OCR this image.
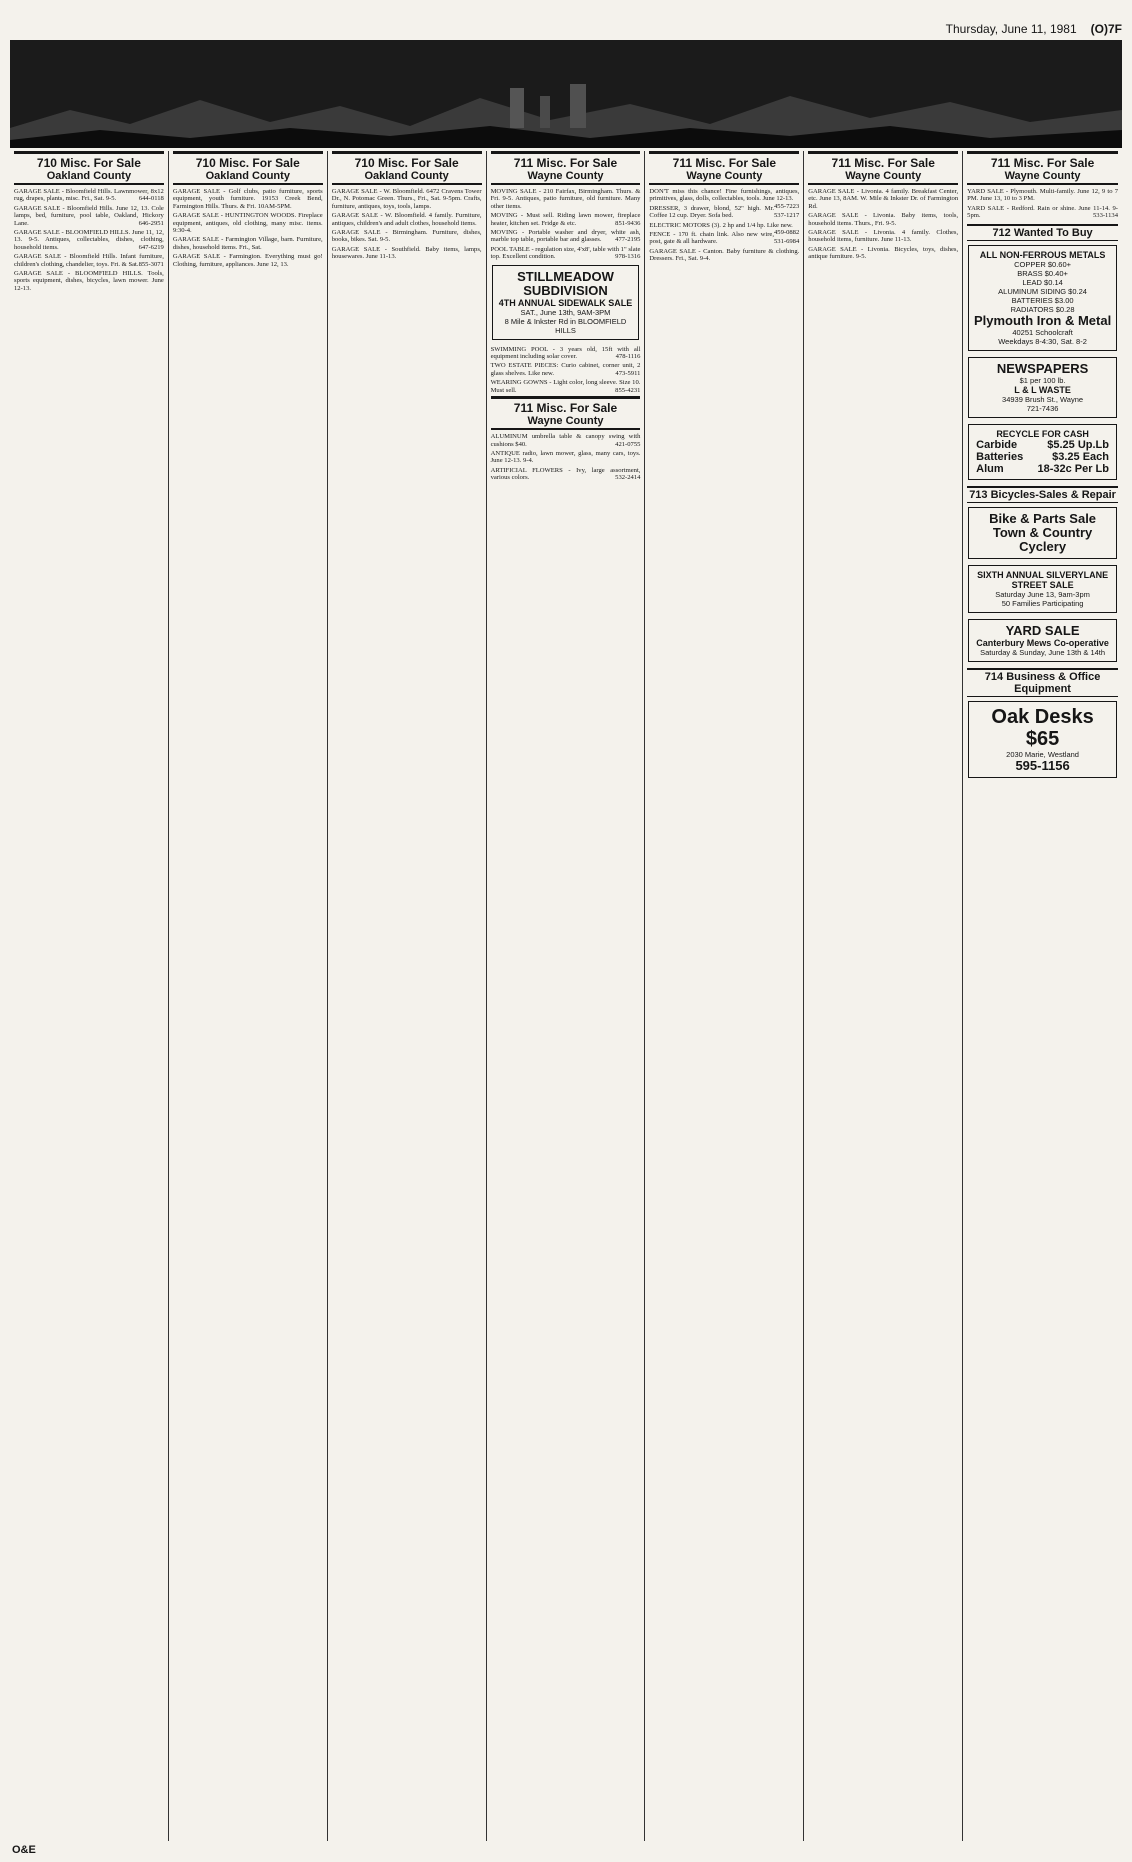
Thursday, June 11, 1981 (O)7F
710 Misc. For Sale
Oakland County

GARAGE SALE - Bloomfield Hills. Lawnmower, 8x12 rug, drapes, plants, misc. Fri., Sat. 9-5.	644-0118

GARAGE SALE - Bloomfield Hills. June 12, 13. Cole lamps, bed, furniture, pool table, Oakland, Hickory Lane.	646-2951

GARAGE SALE - BLOOMFIELD HILLS. June 11, 12, 13. 9-5. Antiques, collectables, dishes, clothing, household items.	647-6219

GARAGE SALE - Bloomfield Hills. Infant furniture, children's clothing, chandelier, toys. Fri. & Sat. 855-3071

GARAGE SALE - BLOOMFIELD HILLS. Tools, sports equipment, dishes, bicycles, lawn mower. June 12-13.

710 Misc. For Sale
Oakland County

GARAGE SALE - Golf clubs, patio furniture, sports equipment, youth furniture. 19153 Creek Bend, Farmington Hills. Thurs. & Fri. 10AM-5PM.

GARAGE SALE - HUNTINGTON WOODS. Fireplace equipment, antiques, old clothing, many misc. items. 9:30-4.

GARAGE SALE - Farmington Village, barn. Furniture, dishes, household items. Fri., Sat.

GARAGE SALE - Farmington. Everything must go! Clothing, furniture, appliances. June 12, 13.

710 Misc. For Sale
Oakland County

GARAGE SALE - W. Bloomfield. 6472 Cravens Tower Dr., N. Potomac Green. Thurs., Fri., Sat. 9-5pm. Crafts, furniture, antiques, toys, tools, lamps.

GARAGE SALE - W. Bloomfield. 4 family. Furniture, antiques, children's and adult clothes, household items.

GARAGE SALE - Birmingham. Furniture, dishes, books, bikes. Sat. 9-5.

GARAGE SALE - Southfield. Baby items, lamps, housewares. June 11-13.

711 Misc. For Sale
Wayne County

MOVING SALE - 210 Fairfax, Birmingham. Thurs. & Fri. 9-5. Antiques, patio furniture, old furniture. Many other items.

MOVING - Must sell. Riding lawn mower, fireplace heater, kitchen set. Fridge & etc.	851-9436

MOVING - Portable washer and dryer, white ash, marble top table, portable bar and glasses. 477-2195

POOL TABLE - regulation size, 4'x8', table with 1" slate top. Excellent condition.	978-1316

STILLMEADOW SUBDIVISION
4TH ANNUAL SIDEWALK SALE
SAT., June 13th, 9AM-3PM
8 Mile & Inkster Rd in BLOOMFIELD HILLS

SWIMMING POOL - 3 years old, 15ft with all equipment including solar cover.	478-1116

TWO ESTATE PIECES: Curio cabinet, corner unit, 2 glass shelves. Like new.	473-5911

WEARING GOWNS - Light color, long sleeve. Size 10. Must sell.	855-4231

711 Misc. For Sale
Wayne County

ALUMINUM umbrella table & canopy swing with cushions $40.	421-0755

ANTIQUE radio, lawn mower, glass, many cars, toys. June 12-13. 9-4.

ARTIFICIAL FLOWERS - Ivy, large assortment, various colors.	532-2414

711 Misc. For Sale
Wayne County

DON'T miss this chance! Fine furnishings, antiques, primitives, glass, dolls, collectables, tools. June 12-13.
455-7223

DRESSER, 3 drawer, blond, 52" high. Mr. Coffee 12 cup. Dryer. Sofa bed.	537-1217

ELECTRIC MOTORS (3). 2 hp and 1/4 hp. Like new.
459-0882

FENCE - 170 ft. chain link. Also new wire, post, gate & all hardware.	531-6984

GARAGE SALE - Canton. Baby furniture & clothing. Dressers. Fri., Sat. 9-4.

711 Misc. For Sale
Wayne County

GARAGE SALE - Livonia. 4 family. Breakfast Center, etc. June 13, 8AM. W. Mile & Inkster Dr. of Farmington Rd.

GARAGE SALE - Livonia. Baby items, tools, household items. Thurs., Fri. 9-5.

GARAGE SALE - Livonia. 4 family. Clothes, household items, furniture. June 11-13.

GARAGE SALE - Livonia. Bicycles, toys, dishes, antique furniture. 9-5.

711 Misc. For Sale
Wayne County

YARD SALE - Plymouth. Multi-family. June 12, 9 to 7 PM. June 13, 10 to 3 PM.

YARD SALE - Redford. Rain or shine. June 11-14. 9-5pm.	533-1134

712 Wanted To Buy
ALL NON-FERROUS METALS
COPPER $0.60+
BRASS $0.40+
LEAD $0.14
ALUMINUM SIDING $0.24
BATTERIES $3.00
RADIATORS $0.28
Plymouth Iron & Metal
40251 Schoolcraft
Weekdays 8-4:30, Sat. 8-2
NEWSPAPERS
$1 per 100 lb.
L & L WASTE
34939 Brush St., Wayne
721-7436
RECYCLE FOR CASH
Carbide	$5.25 Up.Lb
Batteries	$3.25 Each
Alum	18-32c Per Lb
713 Bicycles-Sales & Repair
Bike & Parts Sale
Town & Country Cyclery
SIXTH ANNUAL SILVERYLANE STREET SALE
Saturday June 13, 9am-3pm
50 Families Participating
YARD SALE
Canterbury Mews Co-operative
Saturday & Sunday, June 13th & 14th
714 Business & Office Equipment
Oak Desks $65
2030 Marie, Westland
595-1156
O&E
